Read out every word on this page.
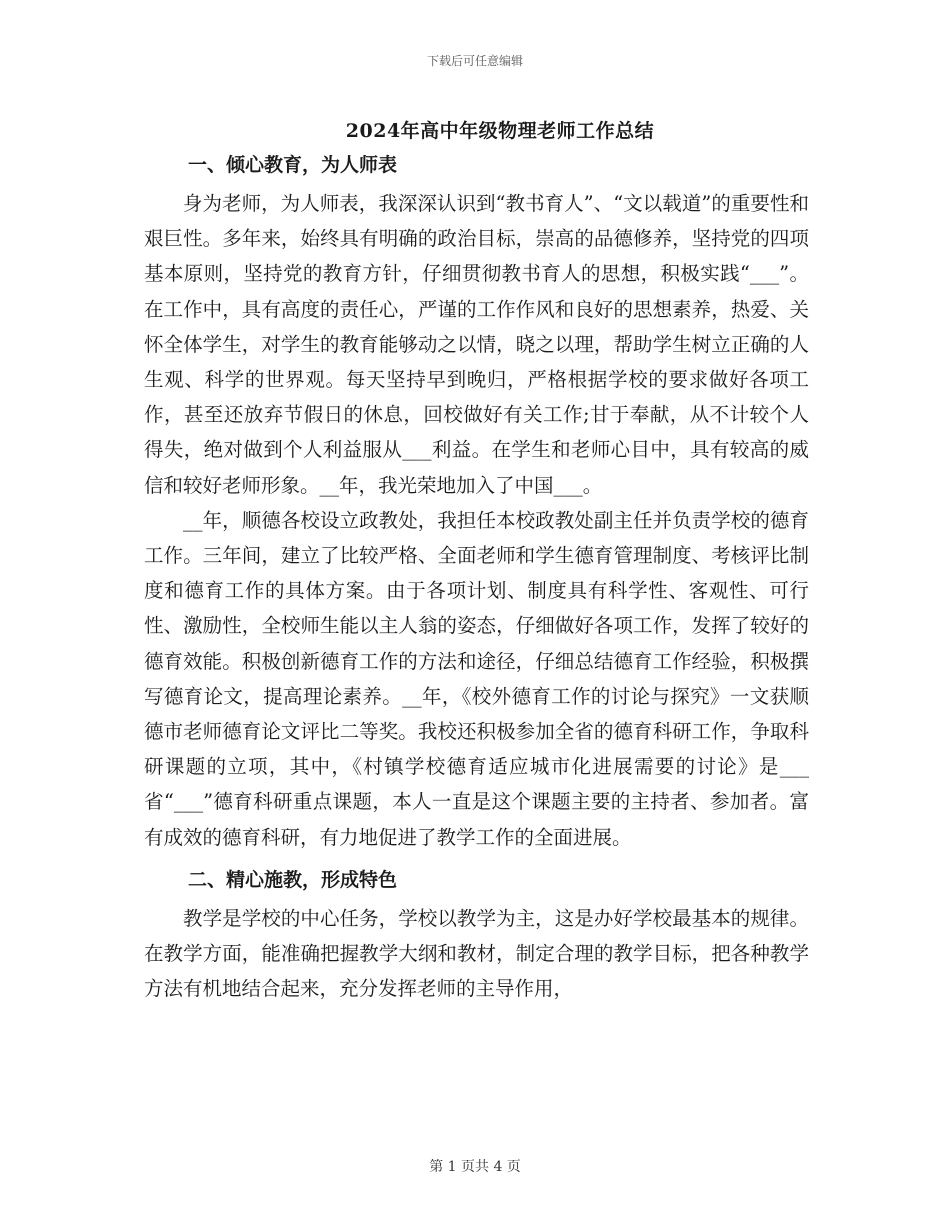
下载后可任意编辑
2024年高中年级物理老师工作总结
一、倾心教育，为人师表

身为老师，为人师表，我深深认识到“教书育人”、“文以载道”的重要性和艰巨性。多年来，始终具有明确的政治目标，崇高的品德修养，坚持党的四项基本原则，坚持党的教育方针，仔细贯彻教书育人的思想，积极实践“___”。在工作中，具有高度的责任心，严谨的工作作风和良好的思想素养，热爱、关怀全体学生，对学生的教育能够动之以情，晓之以理，帮助学生树立正确的人生观、科学的世界观。每天坚持早到晚归，严格根据学校的要求做好各项工作，甚至还放弃节假日的休息，回校做好有关工作;甘于奉献，从不计较个人得失，绝对做到个人利益服从___利益。在学生和老师心目中，具有较高的威信和较好老师形象。__年，我光荣地加入了中国___。

__年，顺德各校设立政教处，我担任本校政教处副主任并负责学校的德育工作。三年间，建立了比较严格、全面老师和学生德育管理制度、考核评比制度和德育工作的具体方案。由于各项计划、制度具有科学性、客观性、可行性、激励性，全校师生能以主人翁的姿态，仔细做好各项工作，发挥了较好的德育效能。积极创新德育工作的方法和途径，仔细总结德育工作经验，积极撰写德育论文，提高理论素养。__年，《校外德育工作的讨论与探究》一文获顺德市老师德育论文评比二等奖。我校还积极参加全省的德育科研工作，争取科研课题的立项，其中，《村镇学校德育适应城市化进展需要的讨论》是___省“___”德育科研重点课题，本人一直是这个课题主要的主持者、参加者。富有成效的德育科研，有力地促进了教学工作的全面进展。

二、精心施教，形成特色

教学是学校的中心任务，学校以教学为主，这是办好学校最基本的规律。在教学方面，能准确把握教学大纲和教材，制定合理的教学目标，把各种教学方法有机地结合起来，充分发挥老师的主导作用，

第 1 页共 4 页
